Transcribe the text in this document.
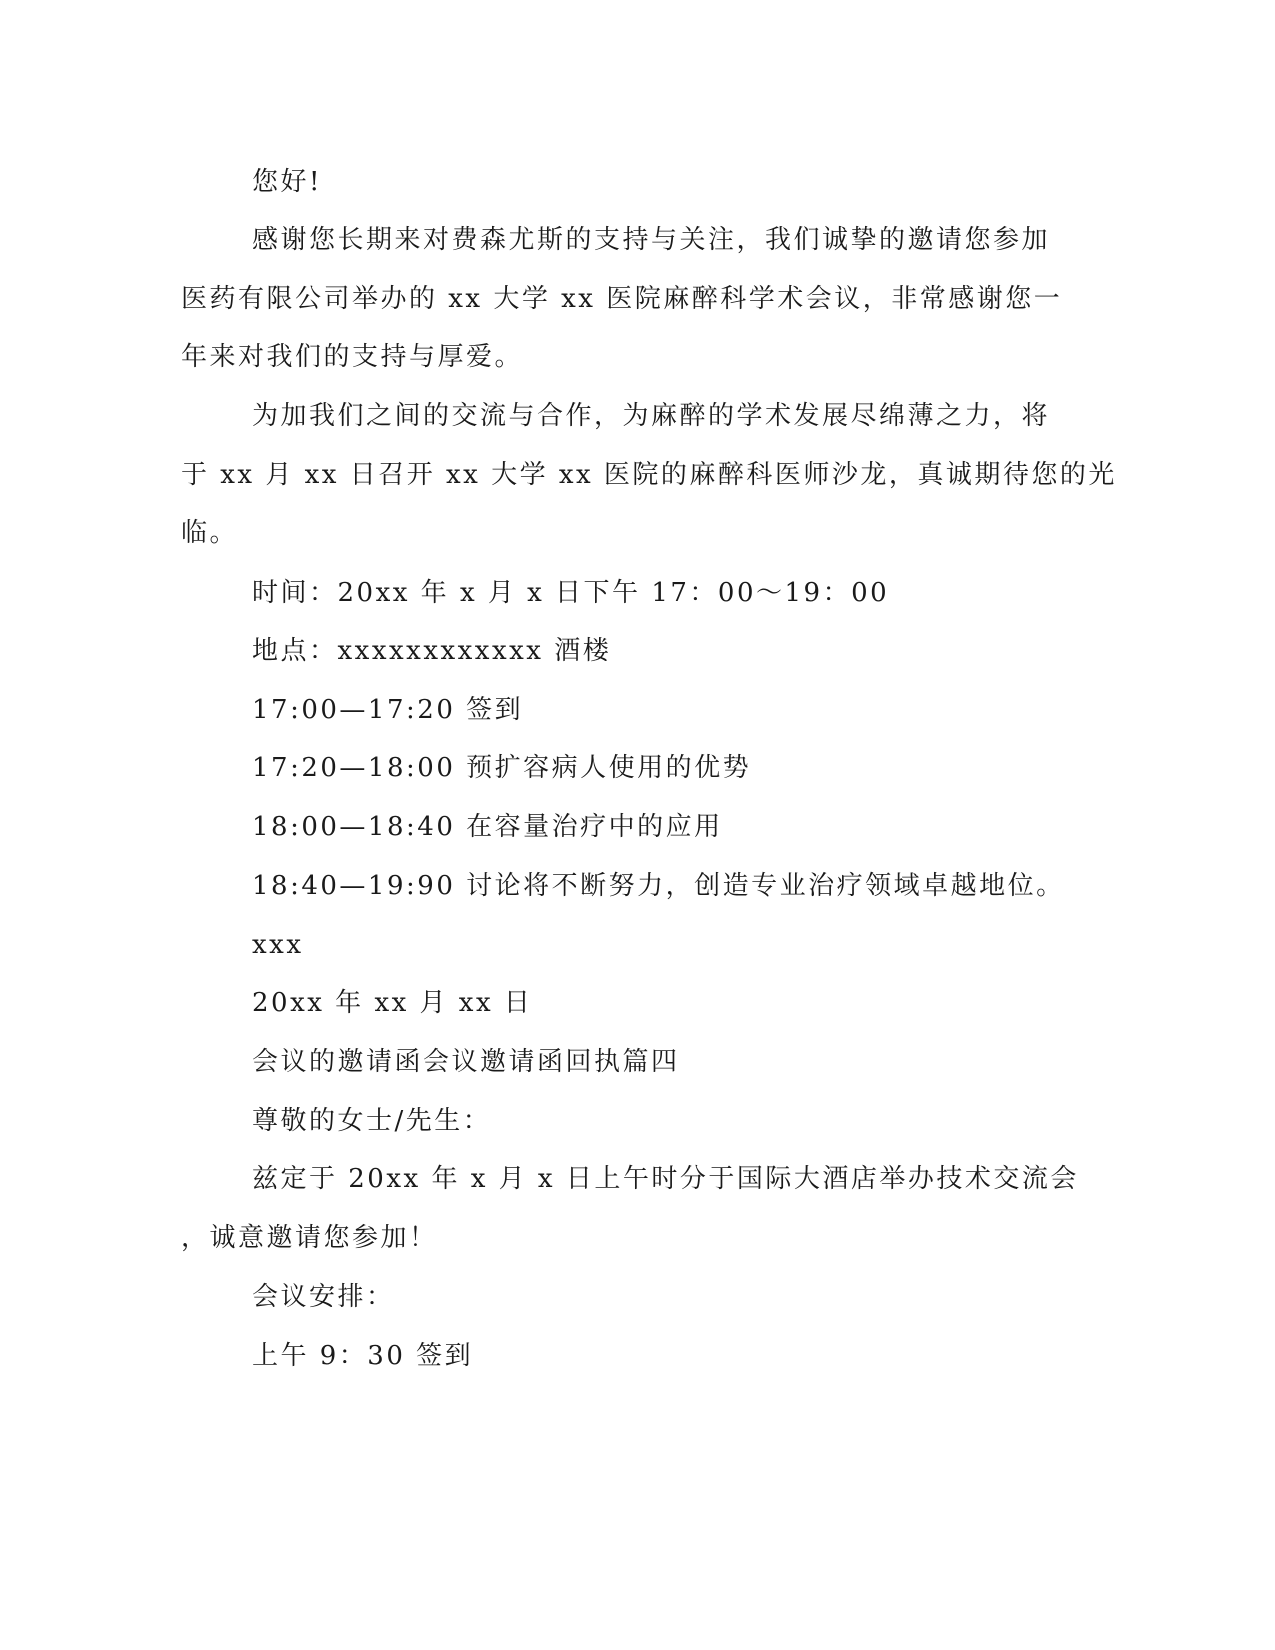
您好!
感谢您长期来对费森尤斯的支持与关注，我们诚挚的邀请您参加
医药有限公司举办的 xx 大学 xx 医院麻醉科学术会议，非常感谢您一
年来对我们的支持与厚爱。
为加我们之间的交流与合作，为麻醉的学术发展尽绵薄之力，将
于 xx 月 xx 日召开 xx 大学 xx 医院的麻醉科医师沙龙，真诚期待您的光
临。
时间：20xx 年 x 月 x 日下午 17：00～19：00
地点：xxxxxxxxxxxx 酒楼
17:00—17:20 签到
17:20—18:00 预扩容病人使用的优势
18:00—18:40 在容量治疗中的应用
18:40—19:90 讨论将不断努力，创造专业治疗领域卓越地位。
xxx
20xx 年 xx 月 xx 日
会议的邀请函会议邀请函回执篇四
尊敬的女士/先生：
兹定于 20xx 年 x 月 x 日上午时分于国际大酒店举办技术交流会
，诚意邀请您参加！
会议安排：
上午 9：30 签到
